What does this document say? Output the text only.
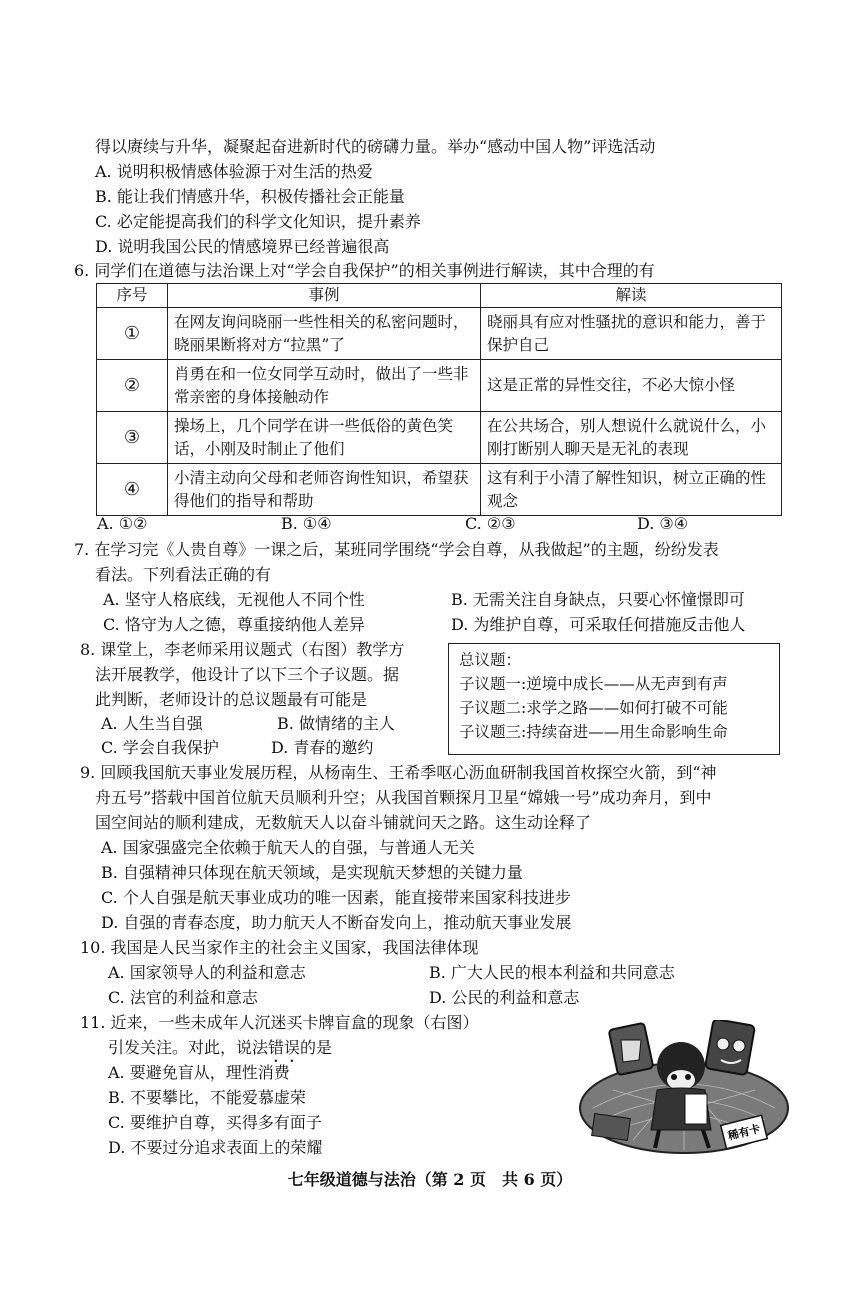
得以赓续与升华，凝聚起奋进新时代的磅礴力量。举办“感动中国人物”评选活动
A. 说明积极情感体验源于对生活的热爱
B. 能让我们情感升华，积极传播社会正能量
C. 必定能提高我们的科学文化知识，提升素养
D. 说明我国公民的情感境界已经普遍很高
6. 同学们在道德与法治课上对“学会自我保护”的相关事例进行解读，其中合理的有
序号	事例	解读
①	在网友询问晓丽一些性相关的私密问题时，晓丽果断将对方“拉黑”了	晓丽具有应对性骚扰的意识和能力，善于保护自己
②	肖勇在和一位女同学互动时，做出了一些非常亲密的身体接触动作	这是正常的异性交往，不必大惊小怪
③	操场上，几个同学在讲一些低俗的黄色笑话，小刚及时制止了他们	在公共场合，别人想说什么就说什么，小刚打断别人聊天是无礼的表现
④	小清主动向父母和老师咨询性知识，希望获得他们的指导和帮助	这有利于小清了解性知识，树立正确的性观念
A. ①②	B. ①④	C. ②③	D. ③④
7. 在学习完《人贵自尊》一课之后，某班同学围绕“学会自尊，从我做起”的主题，纷纷发表
看法。下列看法正确的有
A. 坚守人格底线，无视他人不同个性	B. 无需关注自身缺点，只要心怀憧憬即可
C. 恪守为人之德，尊重接纳他人差异	D. 为维护自尊，可采取任何措施反击他人
8. 课堂上，李老师采用议题式（右图）教学方
法开展教学，他设计了以下三个子议题。据
此判断，老师设计的总议题最有可能是
A. 人生当自强	B. 做情绪的主人
C. 学会自我保护	D. 青春的邀约
总议题：
子议题一:逆境中成长——从无声到有声
子议题二:求学之路——如何打破不可能
子议题三:持续奋进——用生命影响生命
9. 回顾我国航天事业发展历程，从杨南生、王希季呕心沥血研制我国首枚探空火箭，到“神
舟五号”搭载中国首位航天员顺利升空；从我国首颗探月卫星“嫦娥一号”成功奔月，到中
国空间站的顺利建成，无数航天人以奋斗铺就问天之路。这生动诠释了
A. 国家强盛完全依赖于航天人的自强，与普通人无关
B. 自强精神只体现在航天领域，是实现航天梦想的关键力量
C. 个人自强是航天事业成功的唯一因素，能直接带来国家科技进步
D. 自强的青春态度，助力航天人不断奋发向上，推动航天事业发展
10. 我国是人民当家作主的社会主义国家，我国法律体现
A. 国家领导人的利益和意志	B. 广大人民的根本利益和共同意志
C. 法官的利益和意志	D. 公民的利益和意志
11. 近来，一些未成年人沉迷买卡牌盲盒的现象（右图）
引发关注。对此，说法错误的是
A. 要避免盲从，理性消费
B. 不要攀比，不能爱慕虚荣
C. 要维护自尊，买得多有面子
D. 不要过分追求表面上的荣耀
稀有卡
七年级道德与法治（第 2 页　共 6 页）
